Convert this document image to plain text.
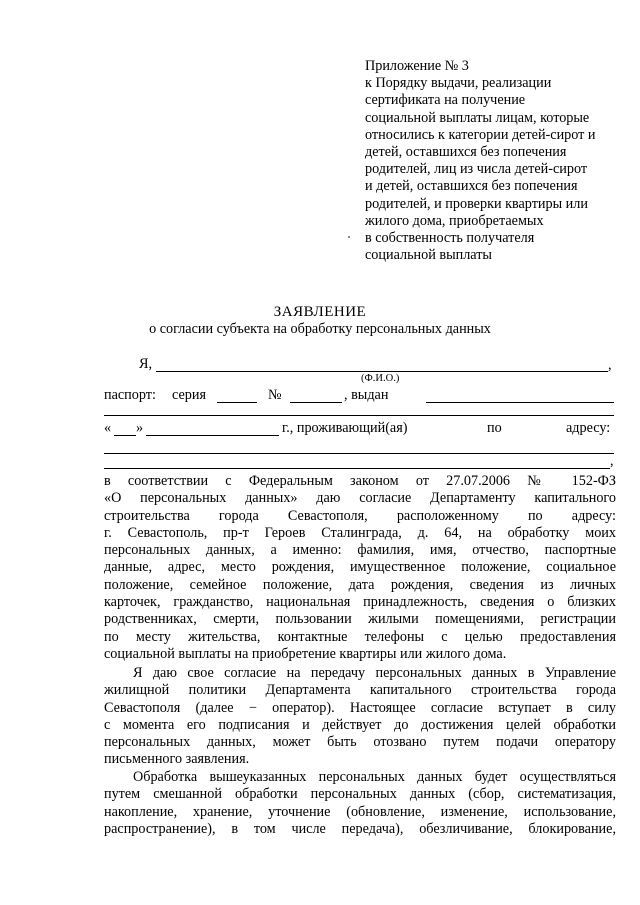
Приложение № 3
к Порядку выдачи, реализации
сертификата на получение
социальной выплаты лицам, которые
относились к категории детей-сирот и
детей, оставшихся без попечения
родителей, лиц из числа детей-сирот
и детей, оставшихся без попечения
родителей, и проверки квартиры или
жилого дома, приобретаемых
в собственность получателя
социальной выплаты
ЗАЯВЛЕНИЕ
о согласии субъекта на обработку персональных данных
Я,	,
(Ф.И.О.)
паспорт: серия	№	, выдан
« »	г., проживающий(ая)	по	адресу:
,
в соответствии с Федеральным законом от 27.07.2006 № 152-ФЗ
«О персональных данных» даю согласие Департаменту капитального
строительства города Севастополя, расположенному по адресу:
г. Севастополь, пр-т Героев Сталинграда, д. 64, на обработку моих
персональных данных, а именно: фамилия, имя, отчество, паспортные
данные, адрес, место рождения, имущественное положение, социальное
положение, семейное положение, дата рождения, сведения из личных
карточек, гражданство, национальная принадлежность, сведения о близких
родственниках, смерти, пользовании жилыми помещениями, регистрации
по месту жительства, контактные телефоны с целью предоставления
социальной выплаты на приобретение квартиры или жилого дома.
Я даю свое согласие на передачу персональных данных в Управление
жилищной политики Департамента капитального строительства города
Севастополя (далее − оператор). Настоящее согласие вступает в силу
с момента его подписания и действует до достижения целей обработки
персональных данных, может быть отозвано путем подачи оператору
письменного заявления.
Обработка вышеуказанных персональных данных будет осуществляться
путем смешанной обработки персональных данных (сбор, систематизация,
накопление, хранение, уточнение (обновление, изменение, использование,
распространение), в том числе передача), обезличивание, блокирование,
